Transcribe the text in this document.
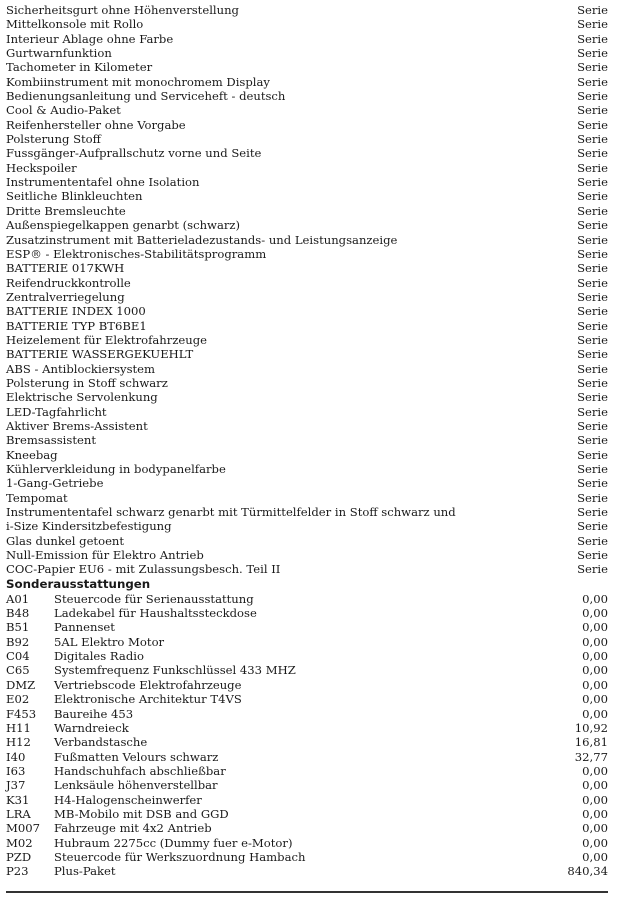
Sicherheitsgurt ohne Höhenverstellung	Serie
Mittelkonsole mit Rollo	Serie
Interieur Ablage ohne Farbe	Serie
Gurtwarnfunktion	Serie
Tachometer in Kilometer	Serie
Kombiinstrument mit monochromem Display	Serie
Bedienungsanleitung und Serviceheft - deutsch	Serie
Cool & Audio-Paket	Serie
Reifenhersteller ohne Vorgabe	Serie
Polsterung Stoff	Serie
Fussgänger-Aufprallschutz vorne und Seite	Serie
Heckspoiler	Serie
Instrumententafel ohne Isolation	Serie
Seitliche Blinkleuchten	Serie
Dritte Bremsleuchte	Serie
Außenspiegelkappen genarbt (schwarz)	Serie
Zusatzinstrument mit Batterieladezustands- und Leistungsanzeige	Serie
ESP® - Elektronisches-Stabilitätsprogramm	Serie
BATTERIE 017KWH	Serie
Reifendruckkontrolle	Serie
Zentralverriegelung	Serie
BATTERIE INDEX 1000	Serie
BATTERIE TYP BT6BE1	Serie
Heizelement für Elektrofahrzeuge	Serie
BATTERIE WASSERGEKUEHLT	Serie
ABS - Antiblockiersystem	Serie
Polsterung in Stoff schwarz	Serie
Elektrische Servolenkung	Serie
LED-Tagfahrlicht	Serie
Aktiver Brems-Assistent	Serie
Bremsassistent	Serie
Kneebag	Serie
Kühlerverkleidung in bodypanelfarbe	Serie
1-Gang-Getriebe	Serie
Tempomat	Serie
Instrumententafel schwarz genarbt mit Türmittelfelder in Stoff schwarz und	Serie
i-Size Kindersitzbefestigung	Serie
Glas dunkel getoent	Serie
Null-Emission für Elektro Antrieb	Serie
COC-Papier EU6 - mit Zulassungsbesch. Teil II	Serie
Sonderausstattungen
A01 Steuercode für Serienausstattung	0,00
B48 Ladekabel für Haushaltssteckdose	0,00
B51 Pannenset	0,00
B92 5AL Elektro Motor	0,00
C04 Digitales Radio	0,00
C65 Systemfrequenz Funkschlüssel 433 MHZ	0,00
DMZ Vertriebscode Elektrofahrzeuge	0,00
E02 Elektronische Architektur T4VS	0,00
F453 Baureihe 453	0,00
H11 Warndreieck	10,92
H12 Verbandstasche	16,81
I40 Fußmatten Velours schwarz	32,77
I63 Handschuhfach abschließbar	0,00
J37 Lenksäule höhenverstellbar	0,00
K31 H4-Halogenscheinwerfer	0,00
LRA MB-Mobilo mit DSB and GGD	0,00
M007 Fahrzeuge mit 4x2 Antrieb	0,00
M02 Hubraum 2275cc (Dummy fuer e-Motor)	0,00
PZD Steuercode für Werkszuordnung Hambach	0,00
P23 Plus-Paket	840,34
